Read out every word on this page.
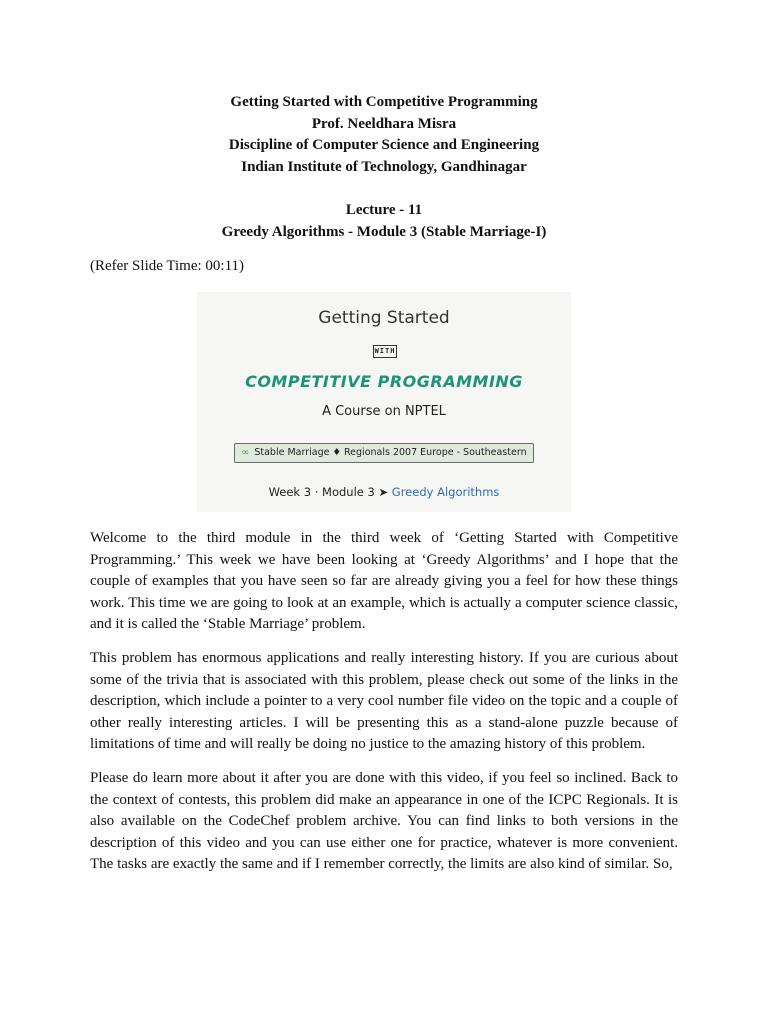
Getting Started with Competitive Programming
Prof. Neeldhara Misra
Discipline of Computer Science and Engineering
Indian Institute of Technology, Gandhinagar
Lecture - 11
Greedy Algorithms - Module 3 (Stable Marriage-I)
(Refer Slide Time: 00:11)
Getting Started
WITH
COMPETITIVE PROGRAMMING
A Course on NPTEL
∞ Stable Marriage ♦ Regionals 2007 Europe - Southeastern
Week 3 · Module 3 ➤ Greedy Algorithms

Welcome to the third module in the third week of ‘Getting Started with Competitive Programming.’ This week we have been looking at ‘Greedy Algorithms’ and I hope that the couple of examples that you have seen so far are already giving you a feel for how these things work. This time we are going to look at an example, which is actually a computer science classic, and it is called the ‘Stable Marriage’ problem.

This problem has enormous applications and really interesting history. If you are curious about some of the trivia that is associated with this problem, please check out some of the links in the description, which include a pointer to a very cool number file video on the topic and a couple of other really interesting articles. I will be presenting this as a stand-alone puzzle because of limitations of time and will really be doing no justice to the amazing history of this problem.

Please do learn more about it after you are done with this video, if you feel so inclined. Back to the context of contests, this problem did make an appearance in one of the ICPC Regionals. It is also available on the CodeChef problem archive. You can find links to both versions in the description of this video and you can use either one for practice, whatever is more convenient. The tasks are exactly the same and if I remember correctly, the limits are also kind of similar. So,
